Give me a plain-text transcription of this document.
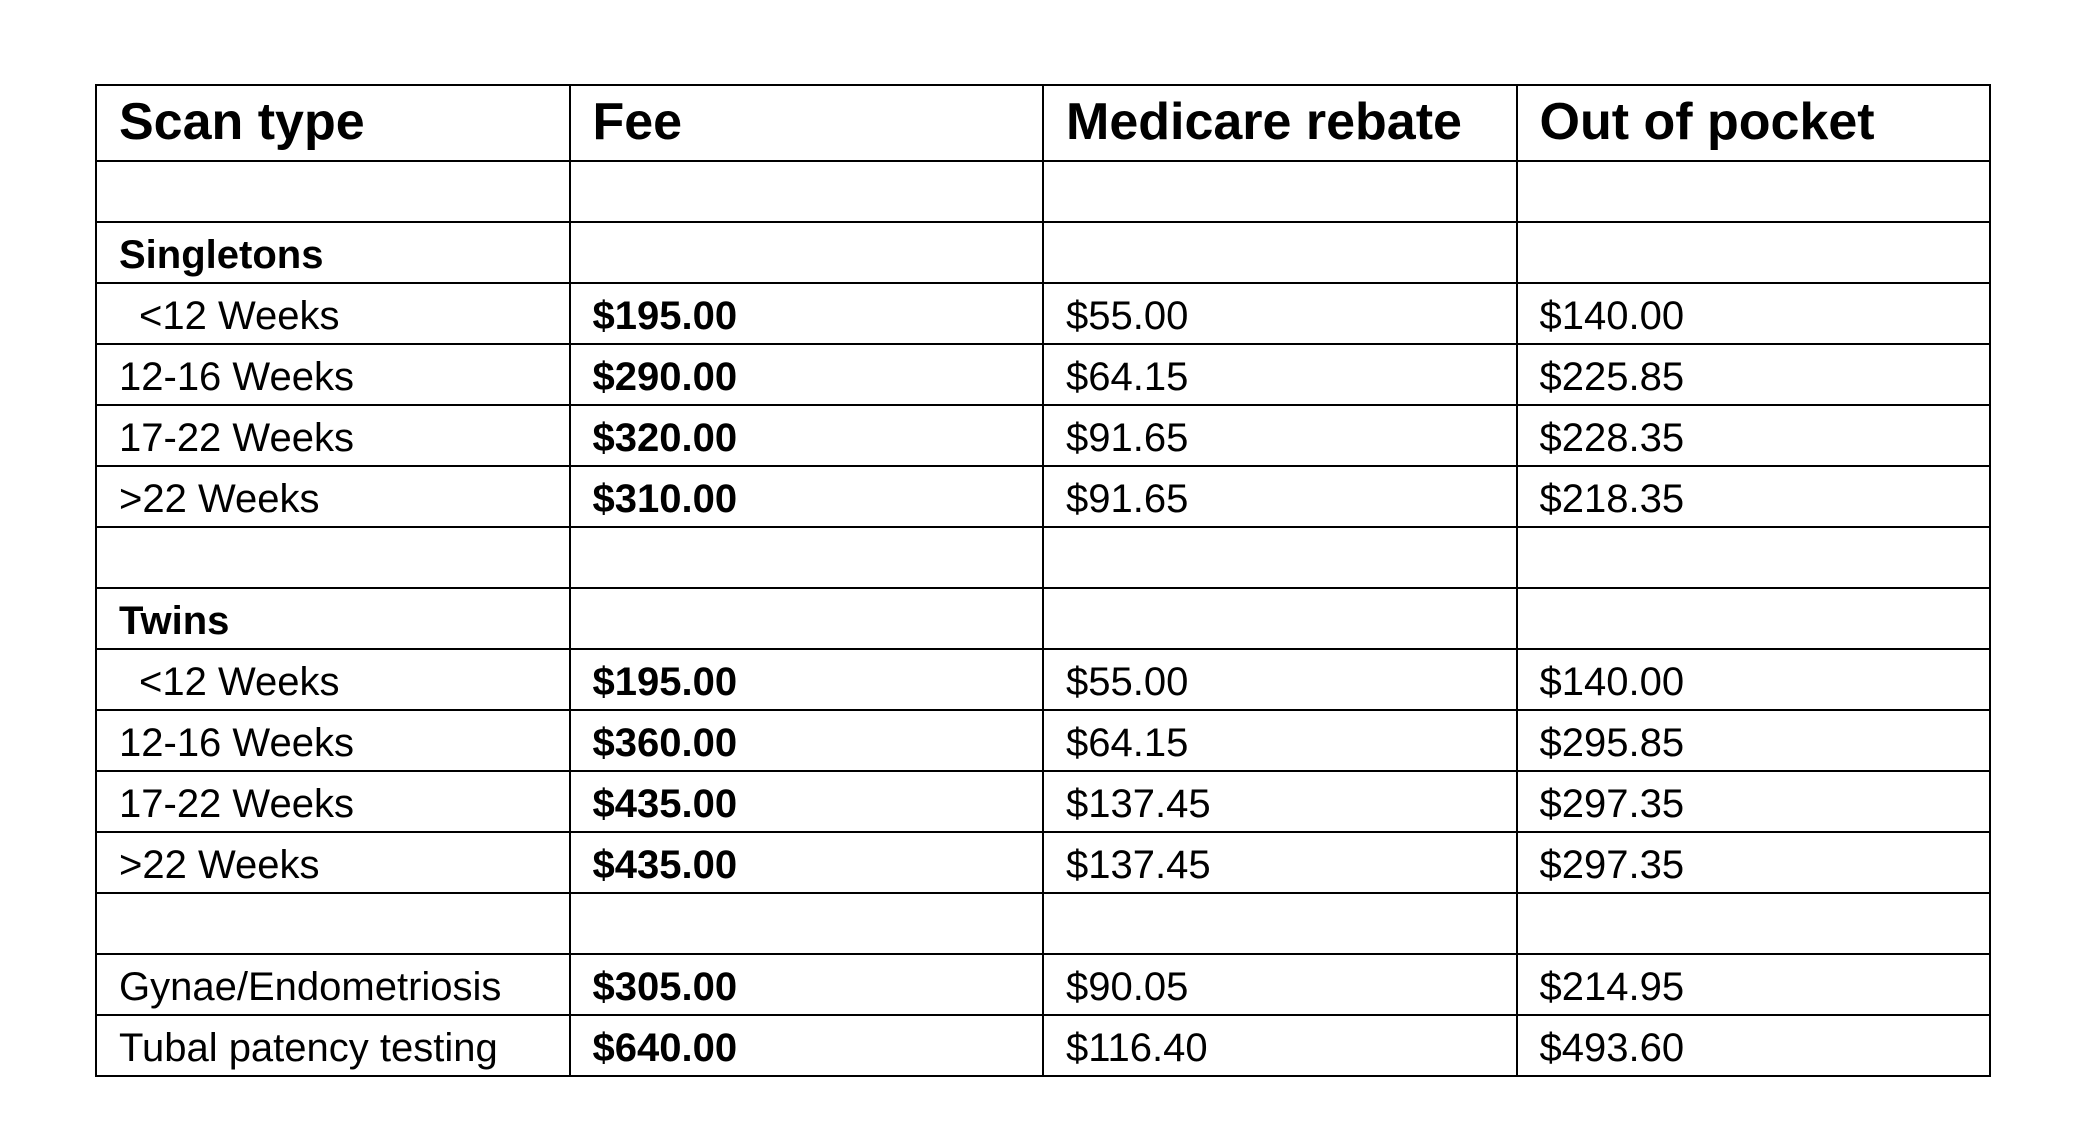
Scan type	Fee	Medicare rebate	Out of pocket

Singletons			
<12 Weeks	$195.00	$55.00	$140.00
12-16 Weeks	$290.00	$64.15	$225.85
17-22 Weeks	$320.00	$91.65	$228.35
>22 Weeks	$310.00	$91.65	$218.35

Twins			
<12 Weeks	$195.00	$55.00	$140.00
12-16 Weeks	$360.00	$64.15	$295.85
17-22 Weeks	$435.00	$137.45	$297.35
>22 Weeks	$435.00	$137.45	$297.35

Gynae/Endometriosis	$305.00	$90.05	$214.95
Tubal patency testing	$640.00	$116.40	$493.60
